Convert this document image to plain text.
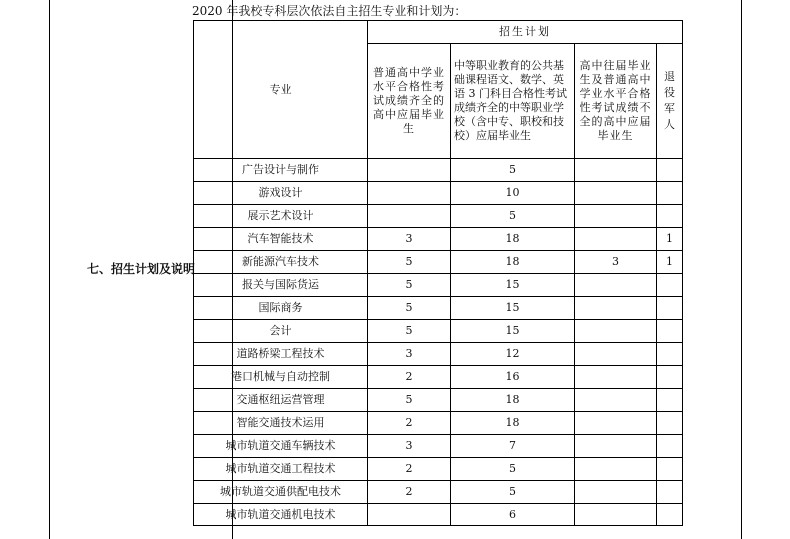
七、招生计划及说明
2020 年我校专科层次依法自主招生专业和计划为：
专业	招生计划			
	普通高中学业水平合格性考试成绩齐全的高中应届毕业生	中等职业教育的公共基础课程语文、数学、英语 3 门科目合格性考试成绩齐全的中等职业学校（含中专、职校和技校）应届毕业生	高中往届毕业生及普通高中学业水平合格性考试成绩不全的高中应届毕业生	退役军人

广告设计与制作		5		
游戏设计		10		
展示艺术设计		5		
汽车智能技术	3	18		1
新能源汽车技术	5	18	3	1
报关与国际货运	5	15		
国际商务	5	15		
会计	5	15		
道路桥梁工程技术	3	12		
港口机械与自动控制	2	16		
交通枢纽运营管理	5	18		
智能交通技术运用	2	18		
城市轨道交通车辆技术	3	7		
城市轨道交通工程技术	2	5		
城市轨道交通供配电技术	2	5		
城市轨道交通机电技术		6		
